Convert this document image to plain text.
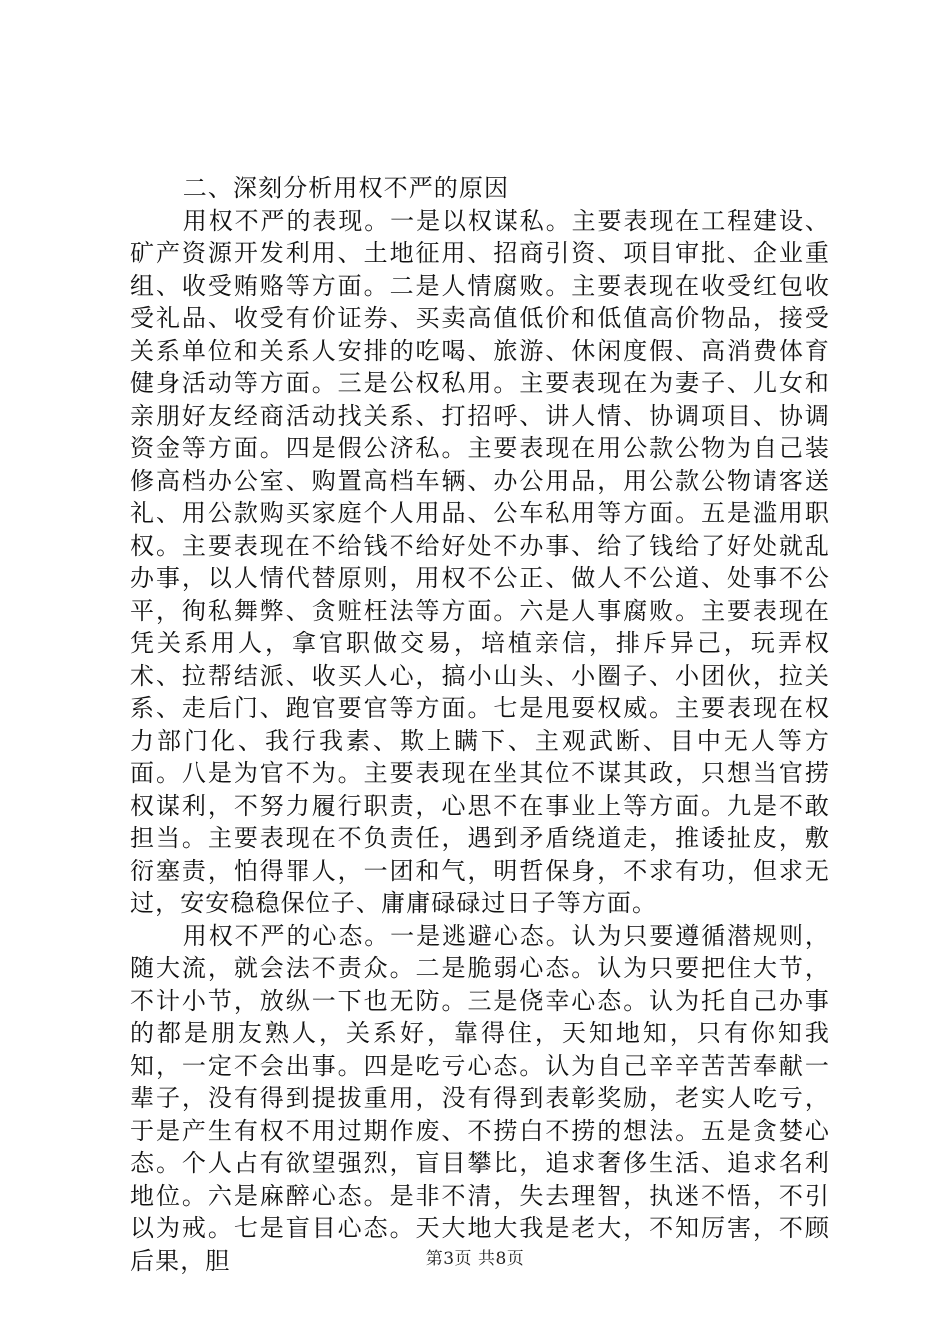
二、深刻分析用权不严的原因

用权不严的表现。一是以权谋私。主要表现在工程建设、矿产资源开发利用、土地征用、招商引资、项目审批、企业重组、收受贿赂等方面。二是人情腐败。主要表现在收受红包收受礼品、收受有价证券、买卖高值低价和低值高价物品，接受关系单位和关系人安排的吃喝、旅游、休闲度假、高消费体育健身活动等方面。三是公权私用。主要表现在为妻子、儿女和亲朋好友经商活动找关系、打招呼、讲人情、协调项目、协调资金等方面。四是假公济私。主要表现在用公款公物为自己装修高档办公室、购置高档车辆、办公用品，用公款公物请客送礼、用公款购买家庭个人用品、公车私用等方面。五是滥用职权。主要表现在不给钱不给好处不办事、给了钱给了好处就乱办事，以人情代替原则，用权不公正、做人不公道、处事不公平，徇私舞弊、贪赃枉法等方面。六是人事腐败。主要表现在凭关系用人，拿官职做交易，培植亲信，排斥异己，玩弄权术、拉帮结派、收买人心，搞小山头、小圈子、小团伙，拉关系、走后门、跑官要官等方面。七是甩耍权威。主要表现在权力部门化、我行我素、欺上瞒下、主观武断、目中无人等方面。八是为官不为。主要表现在坐其位不谋其政，只想当官捞权谋利，不努力履行职责，心思不在事业上等方面。九是不敢担当。主要表现在不负责任，遇到矛盾绕道走，推诿扯皮，敷衍塞责，怕得罪人，一团和气，明哲保身，不求有功，但求无过，安安稳稳保位子、庸庸碌碌过日子等方面。

用权不严的心态。一是逃避心态。认为只要遵循潜规则，随大流，就会法不责众。二是脆弱心态。认为只要把住大节，不计小节，放纵一下也无防。三是侥幸心态。认为托自己办事的都是朋友熟人，关系好，靠得住，天知地知，只有你知我知，一定不会出事。四是吃亏心态。认为自己辛辛苦苦奉献一辈子，没有得到提拔重用，没有得到表彰奖励，老实人吃亏，于是产生有权不用过期作废、不捞白不捞的想法。五是贪婪心态。个人占有欲望强烈，盲目攀比，追求奢侈生活、追求名利地位。六是麻醉心态。是非不清，失去理智，执迷不悟，不引以为戒。七是盲目心态。天大地大我是老大，不知厉害，不顾后果，胆	第3页 共8页
